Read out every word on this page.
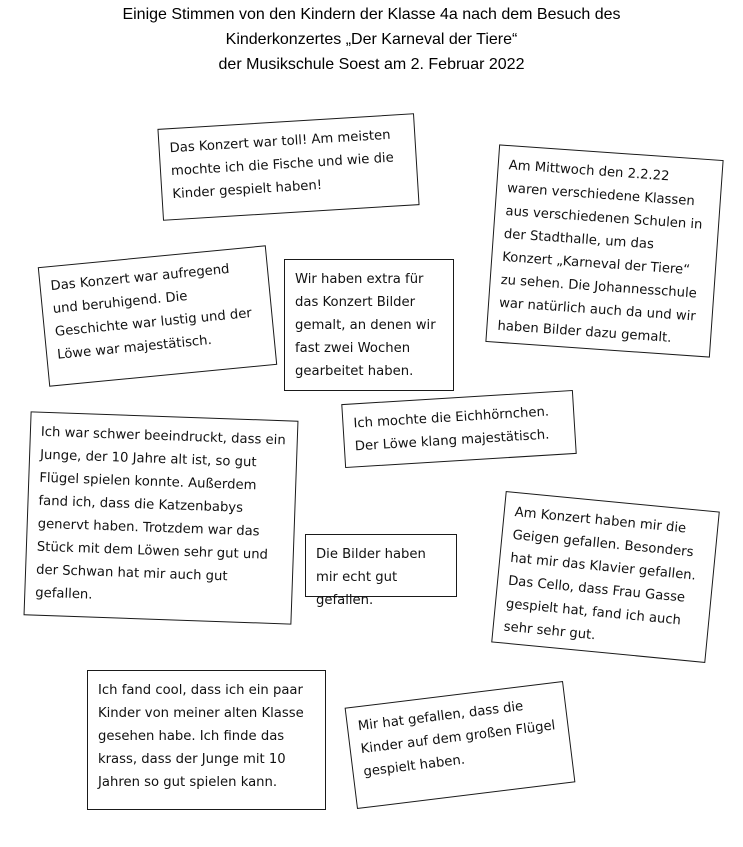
Einige Stimmen von den Kindern der Klasse 4a nach dem Besuch des
Kinderkonzertes „Der Karneval der Tiere“
der Musikschule Soest am 2. Februar 2022
Das Konzert war toll! Am meisten mochte ich die Fische und wie die Kinder gespielt haben!
Am Mittwoch den 2.2.22 waren verschiedene Klassen aus verschiedenen Schulen in der Stadthalle, um das Konzert „Karneval der Tiere“ zu sehen. Die Johannesschule war natürlich auch da und wir haben Bilder dazu gemalt.
Das Konzert war aufregend und beruhigend. Die Geschichte war lustig und der Löwe war majestätisch.
Wir haben extra für das Konzert Bilder gemalt, an denen wir fast zwei Wochen gearbeitet haben.
Ich mochte die Eichhörnchen. Der Löwe klang majestätisch.
Ich war schwer beeindruckt, dass ein Junge, der 10 Jahre alt ist, so gut Flügel spielen konnte. Außerdem fand ich, dass die Katzenbabys genervt haben. Trotzdem war das Stück mit dem Löwen sehr gut und der Schwan hat mir auch gut gefallen.
Die Bilder haben mir echt gut gefallen.
Am Konzert haben mir die Geigen gefallen. Besonders hat mir das Klavier gefallen. Das Cello, dass Frau Gasse gespielt hat, fand ich auch sehr sehr gut.
Ich fand cool, dass ich ein paar Kinder von meiner alten Klasse gesehen habe. Ich finde das krass, dass der Junge mit 10 Jahren so gut spielen kann.
Mir hat gefallen, dass die Kinder auf dem großen Flügel gespielt haben.
